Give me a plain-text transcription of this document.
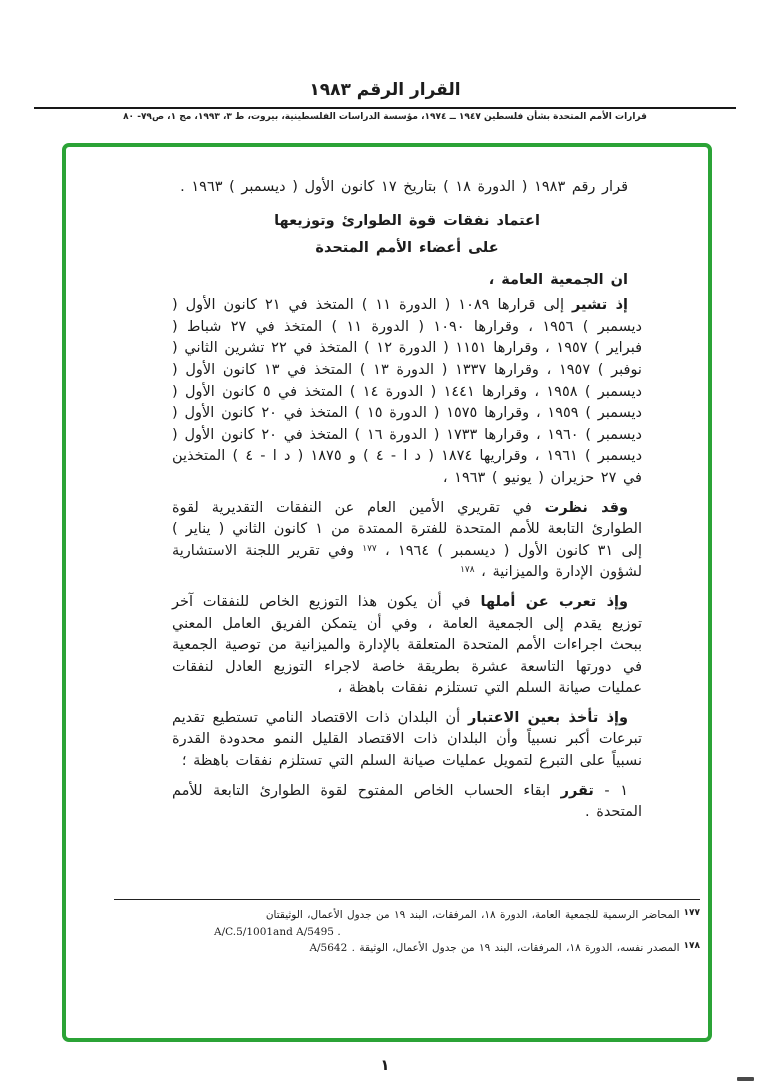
القرار الرقم ١٩٨٣
قرارات الأمم المتحدة بشأن فلسطين ١٩٤٧ ــ ١٩٧٤، مؤسسة الدراسات الفلسطينية، بيروت، ط ٣، ١٩٩٣، مج ١، ص٧٩- ٨٠

قرار رقم ١٩٨٣ ( الدورة ١٨ ) بتاريخ ١٧ كانون الأول ( ديسمبر ) ١٩٦٣ .

اعتماد نفقات قوة الطوارئ وتوزيعها
على أعضاء الأمم المتحدة

ان الجمعية العامة ،

إذ تشير إلى قرارها ١٠٨٩ ( الدورة ١١ ) المتخذ في ٢١ كانون الأول ( ديسمبر ) ١٩٥٦ ، وقرارها ١٠٩٠ ( الدورة ١١ ) المتخذ في ٢٧ شباط ( فبراير ) ١٩٥٧ ، وقرارها ١١٥١ ( الدورة ١٢ ) المتخذ في ٢٢ تشرين الثاني ( نوفبر ) ١٩٥٧ ، وقرارها ١٣٣٧ ( الدورة ١٣ ) المتخذ في ١٣ كانون الأول ( ديسمبر ) ١٩٥٨ ، وقرارها ١٤٤١ ( الدورة ١٤ ) المتخذ في ٥ كانون الأول ( ديسمبر ) ١٩٥٩ ، وقرارها ١٥٧٥ ( الدورة ١٥ ) المتخذ في ٢٠ كانون الأول ( ديسمبر ) ١٩٦٠ ، وقرارها ١٧٣٣ ( الدورة ١٦ ) المتخذ في ٢٠ كانون الأول ( ديسمبر ) ١٩٦١ ، وقراريها ١٨٧٤ ( د ا - ٤ ) و ١٨٧٥ ( د ا - ٤ ) المتخذين في ٢٧ حزيران ( يونيو ) ١٩٦٣ ،

وقد نظرت في تقريري الأمين العام عن النفقات التقديرية لقوة الطوارئ التابعة للأمم المتحدة للفترة الممتدة من ١ كانون الثاني ( يناير ) إلى ٣١ كانون الأول ( ديسمبر ) ١٩٦٤ ، $^{١٧٧}$ وفي تقرير اللجنة الاستشارية لشؤون الإدارة والميزانية ، $^{١٧٨}$

وإذ تعرب عن أملها في أن يكون هذا التوزيع الخاص للنفقات آخر توزيع يقدم إلى الجمعية العامة ، وفي أن يتمكن الفريق العامل المعني ببحث اجراءات الأمم المتحدة المتعلقة بالإدارة والميزانية من توصية الجمعية في دورتها التاسعة عشرة بطريقة خاصة لاجراء التوزيع العادل لنفقات عمليات صيانة السلم التي تستلزم نفقات باهظة ،

وإذ تأخذ بعين الاعتبار أن البلدان ذات الاقتصاد النامي تستطيع تقديم تبرعات أكبر نسبياً وأن البلدان ذات الاقتصاد القليل النمو محدودة القدرة نسبياً على التبرع لتمويل عمليات صيانة السلم التي تستلزم نفقات باهظة ؛

١ - تقرر ابقاء الحساب الخاص المفتوح لقوة الطوارئ التابعة للأمم المتحدة .

١٧٧المحاضر الرسمية للجمعية العامة، الدورة ١٨، المرفقات، البند ١٩ من جدول الأعمال، الوثيقتان

A/C.5/1001and A/5495 .

١٧٨المصدر نفسه، الدورة ١٨، المرفقات، البند ١٩ من جدول الأعمال، الوثيقة A/5642 .

١
